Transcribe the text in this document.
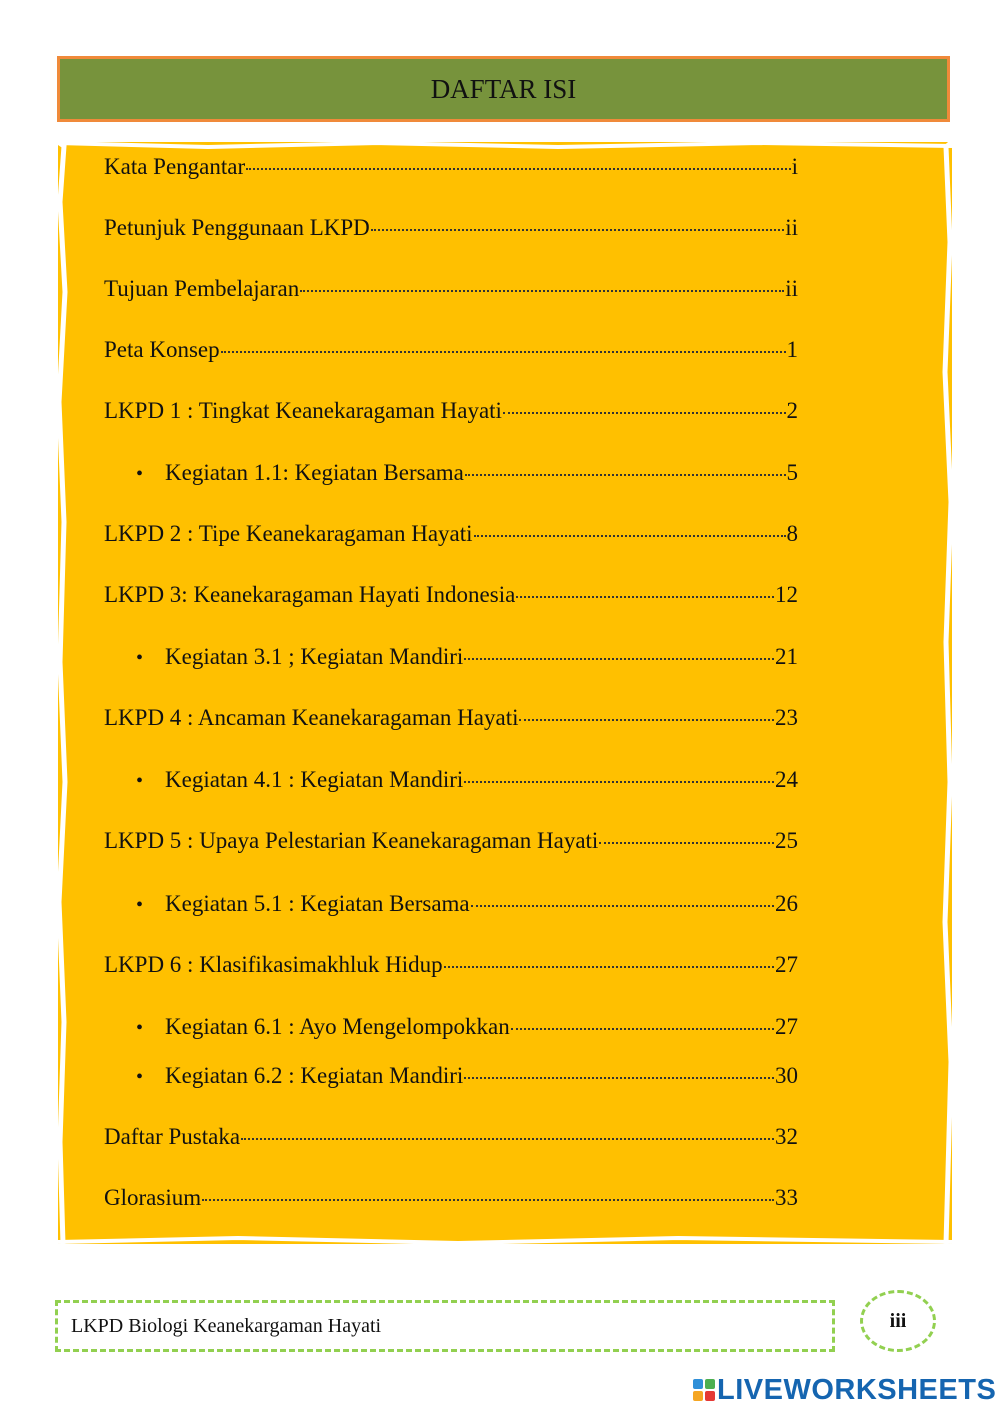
DAFTAR ISI
Kata Pengantar	i
Petunjuk Penggunaan LKPD	ii
Tujuan Pembelajaran	ii
Peta Konsep	1
LKPD 1 : Tingkat Keanekaragaman Hayati	2
• Kegiatan 1.1: Kegiatan Bersama	5
LKPD 2 : Tipe Keanekaragaman Hayati	8
LKPD 3: Keanekaragaman Hayati Indonesia	12
• Kegiatan 3.1 ; Kegiatan Mandiri	21
LKPD 4 : Ancaman Keanekaragaman Hayati	23
• Kegiatan 4.1 : Kegiatan Mandiri	24
LKPD 5 : Upaya Pelestarian Keanekaragaman Hayati	25
• Kegiatan 5.1 : Kegiatan Bersama	26
LKPD 6 : Klasifikasimakhluk Hidup	27
• Kegiatan 6.1 : Ayo Mengelompokkan	27
• Kegiatan 6.2 : Kegiatan Mandiri	30
Daftar Pustaka	32
Glorasium	33
LKPD Biologi Keanekargaman Hayati	iii
LIVEWORKSHEETS
